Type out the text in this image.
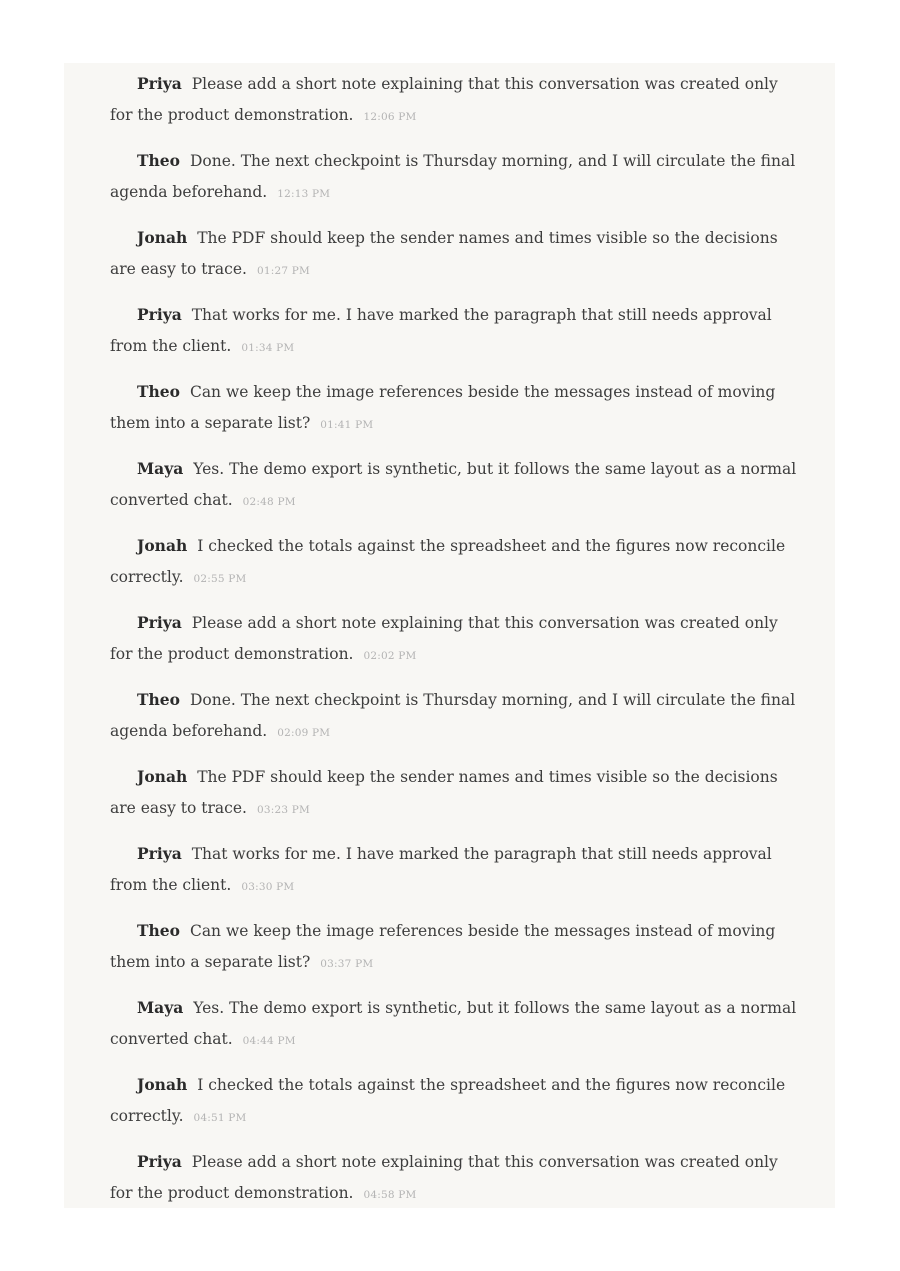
Priya Please add a short note explaining that this conversation was created only for the product demonstration. 12:06 PM

Theo Done. The next checkpoint is Thursday morning, and I will circulate the final agenda beforehand. 12:13 PM

Jonah The PDF should keep the sender names and times visible so the decisions are easy to trace. 01:27 PM

Priya That works for me. I have marked the paragraph that still needs approval from the client. 01:34 PM

Theo Can we keep the image references beside the messages instead of moving them into a separate list? 01:41 PM

Maya Yes. The demo export is synthetic, but it follows the same layout as a normal converted chat. 02:48 PM

Jonah I checked the totals against the spreadsheet and the figures now reconcile correctly. 02:55 PM

Priya Please add a short note explaining that this conversation was created only for the product demonstration. 02:02 PM

Theo Done. The next checkpoint is Thursday morning, and I will circulate the final agenda beforehand. 02:09 PM

Jonah The PDF should keep the sender names and times visible so the decisions are easy to trace. 03:23 PM

Priya That works for me. I have marked the paragraph that still needs approval from the client. 03:30 PM

Theo Can we keep the image references beside the messages instead of moving them into a separate list? 03:37 PM

Maya Yes. The demo export is synthetic, but it follows the same layout as a normal converted chat. 04:44 PM

Jonah I checked the totals against the spreadsheet and the figures now reconcile correctly. 04:51 PM

Priya Please add a short note explaining that this conversation was created only for the product demonstration. 04:58 PM
